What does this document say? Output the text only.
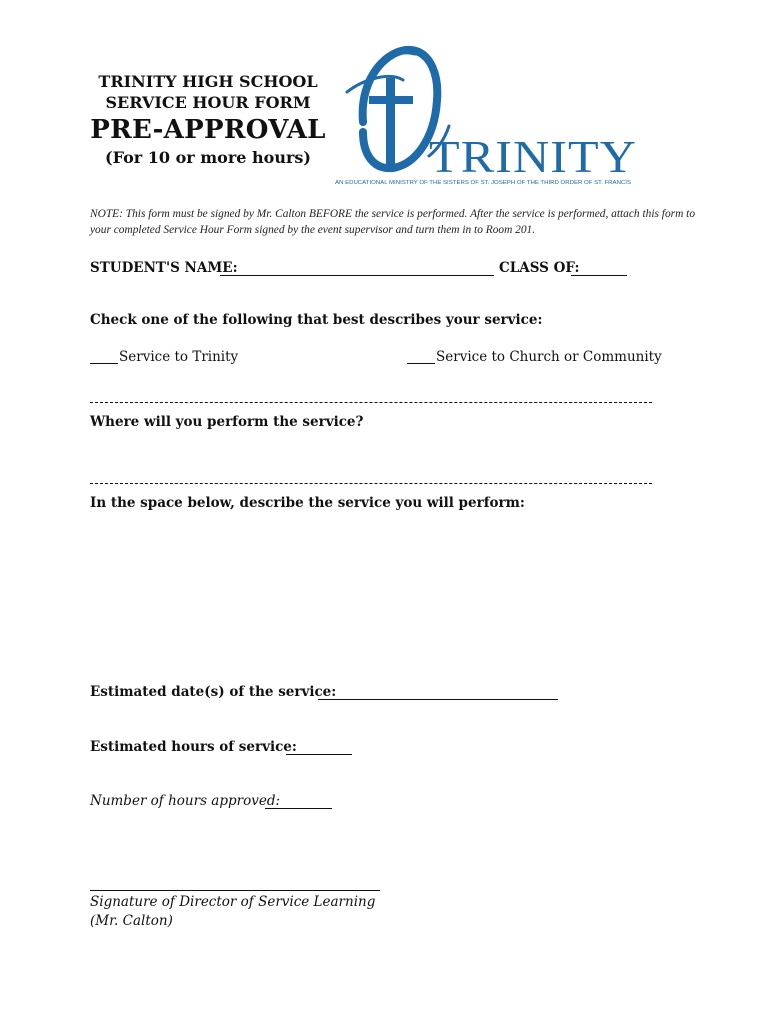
TRINITY HIGH SCHOOL
SERVICE HOUR FORM
PRE-APPROVAL
(For 10 or more hours)	TRINITY
AN EDUCATIONAL MINISTRY OF THE SISTERS OF ST. JOSEPH OF THE THIRD ORDER OF ST. FRANCIS
NOTE: This form must be signed by Mr. Calton BEFORE the service is performed. After the service is performed, attach this form to your completed Service Hour Form signed by the event supervisor and turn them in to Room 201.
STUDENT'S NAME:	CLASS OF:
Check one of the following that best describes your service:
Service to Trinity	Service to Church or Community
Where will you perform the service?
In the space below, describe the service you will perform:
Estimated date(s) of the service:
Estimated hours of service:
Number of hours approved:
Signature of Director of Service Learning
(Mr. Calton)
